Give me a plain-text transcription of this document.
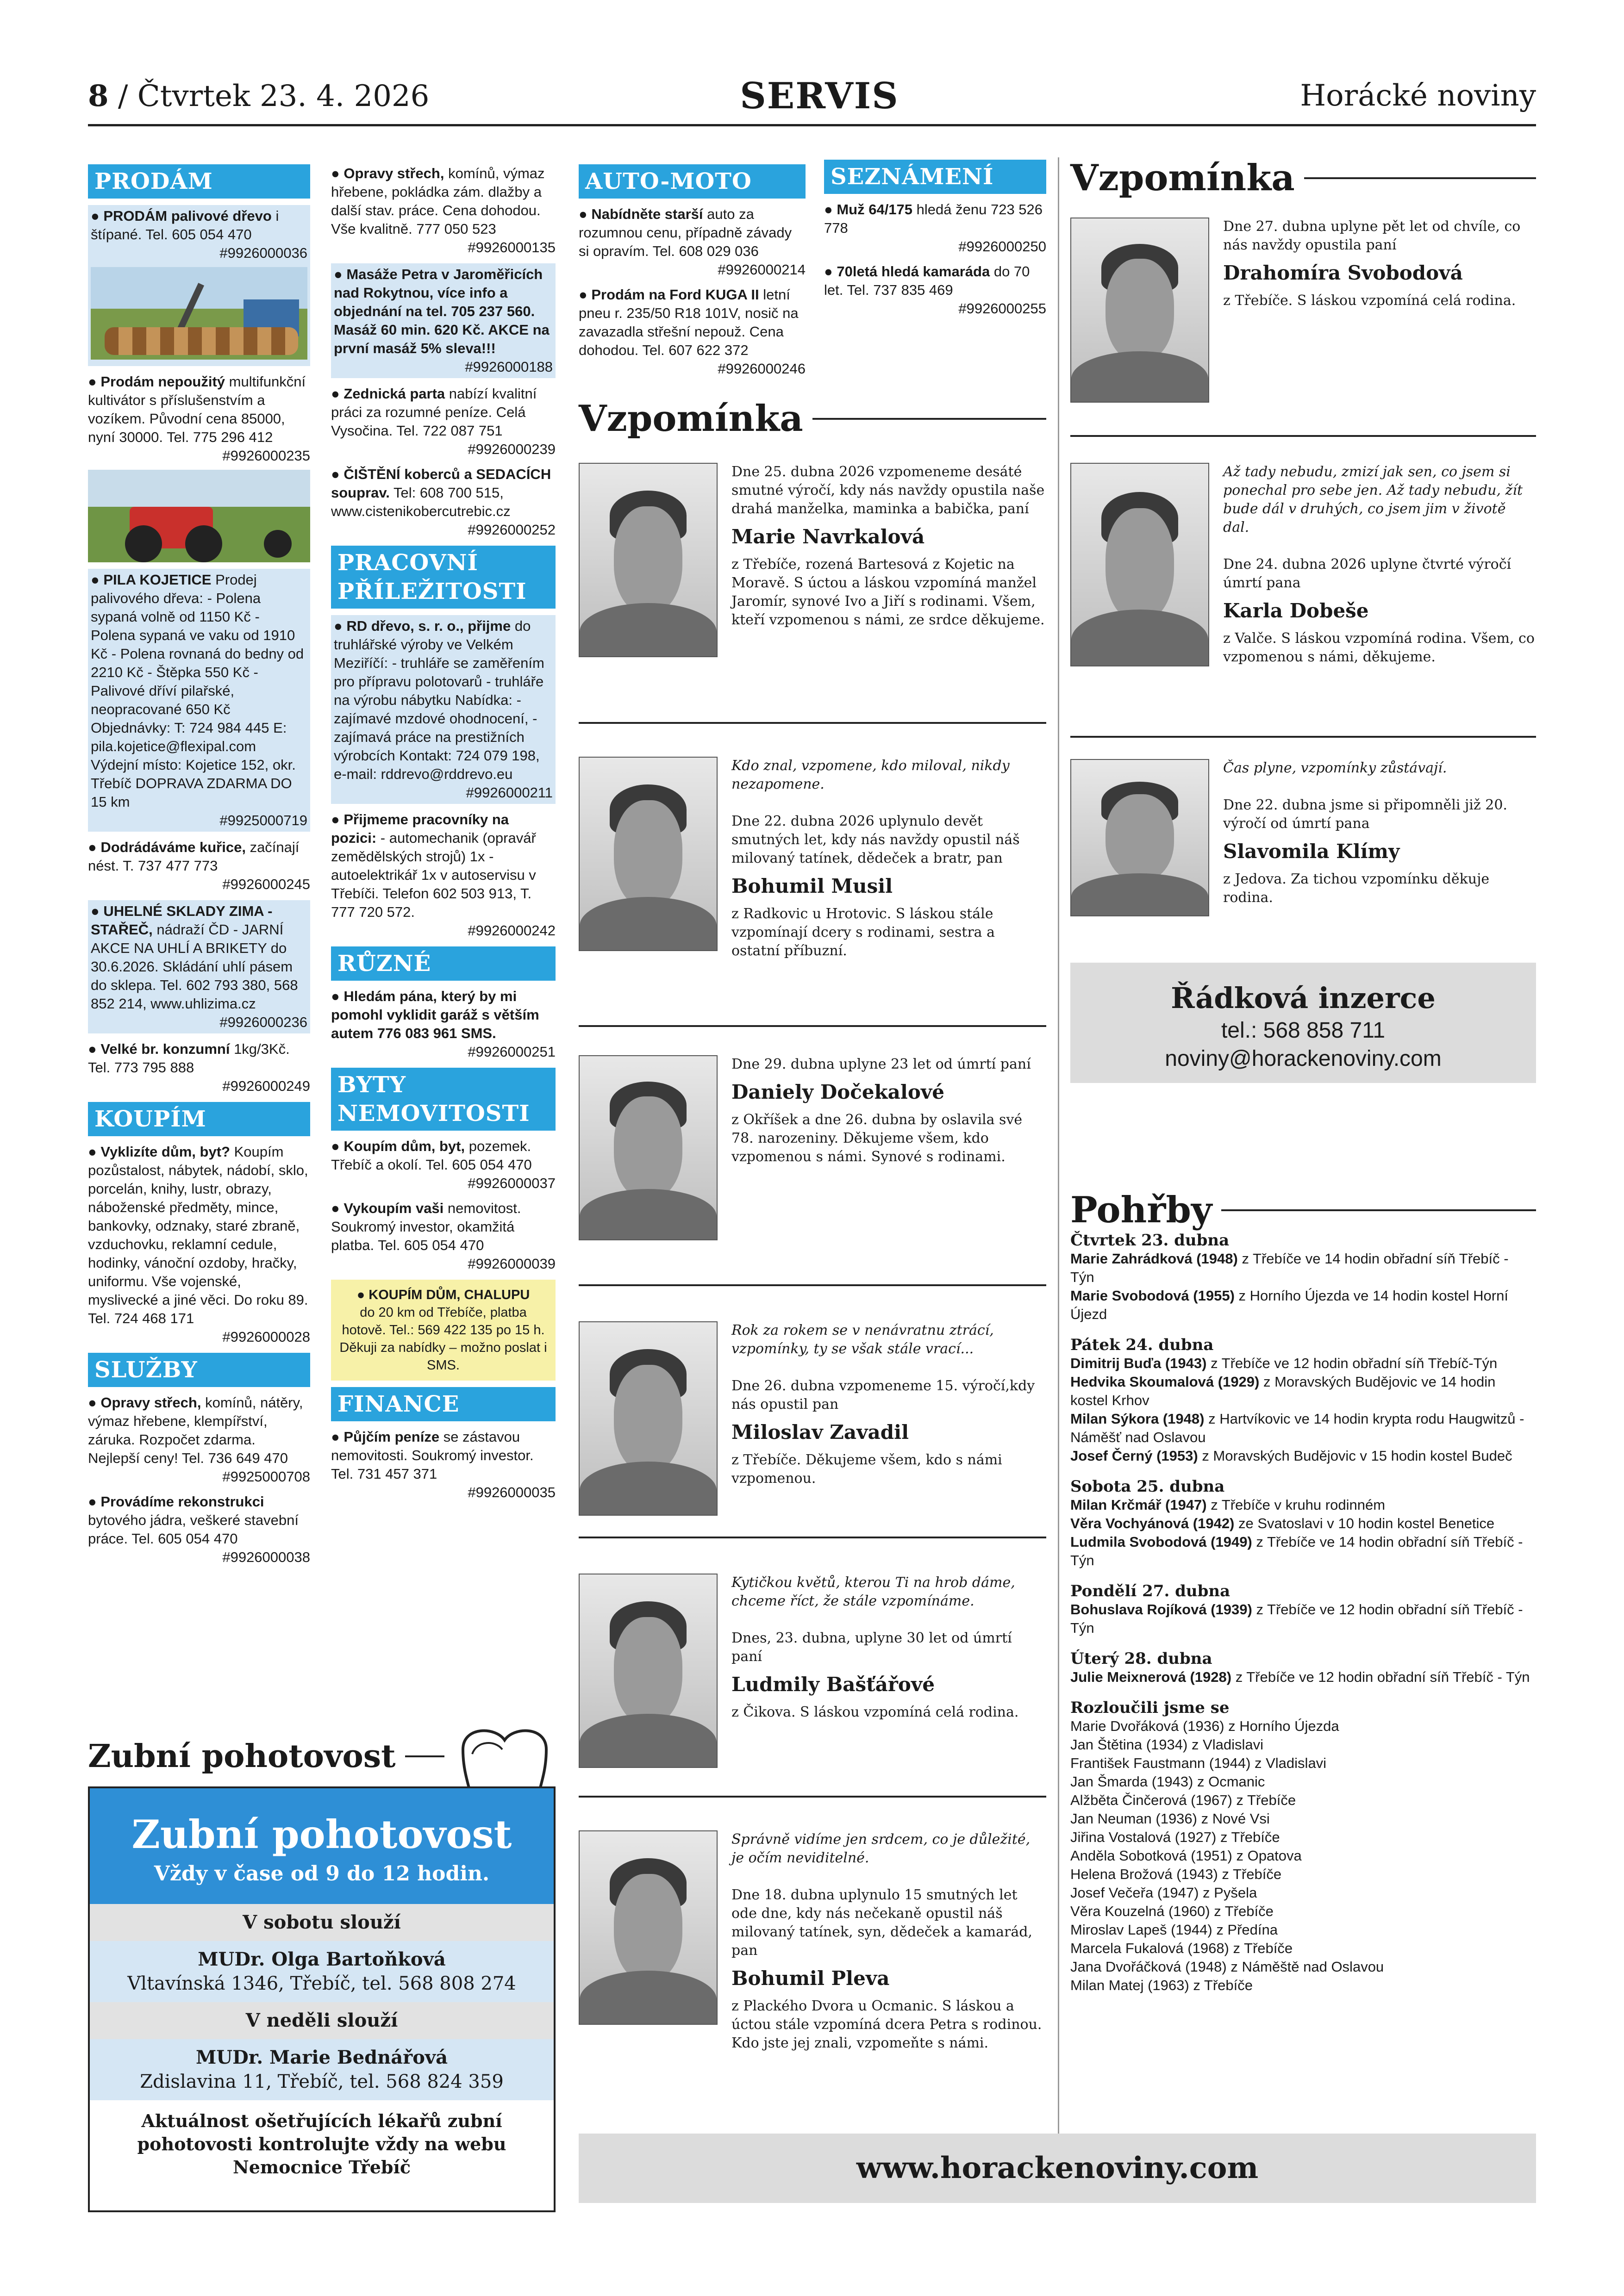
8 / Čtvrtek 23. 4. 2026	SERVIS	Horácké noviny
PRODÁM
● PRODÁM palivové dřevo i štípané. Tel. 605 054 470
#9926000036
● Prodám nepoužitý multifunkční kultivátor s příslušenstvím a vozíkem. Původní cena 85000, nyní 30000. Tel. 775 296 412
#9926000235
● PILA KOJETICE Prodej palivového dřeva: - Polena sypaná volně od 1150 Kč - Polena sypaná ve vaku od 1910 Kč - Polena rovnaná do bedny od 2210 Kč - Štěpka 550 Kč - Palivové dříví pilařské, neopracované 650 Kč Objednávky: T: 724 984 445 E: pila.kojetice@flexipal.com Výdejní místo: Kojetice 152, okr. Třebíč DOPRAVA ZDARMA DO 15 km
#9925000719
● Dodrádáváme kuřice, začínají nést. T. 737 477 773
#9926000245
● UHELNÉ SKLADY ZIMA - STAŘEČ, nádraží ČD - JARNÍ AKCE NA UHLÍ A BRIKETY do 30.6.2026. Skládání uhlí pásem do sklepa. Tel. 602 793 380, 568 852 214, www.uhlizima.cz
#9926000236
● Velké br. konzumní 1kg/3Kč. Tel. 773 795 888
#9926000249
KOUPÍM
● Vyklizíte dům, byt? Koupím pozůstalost, nábytek, nádobí, sklo, porcelán, knihy, lustr, obrazy, náboženské předměty, mince, bankovky, odznaky, staré zbraně, vzduchovku, reklamní cedule, hodinky, vánoční ozdoby, hračky, uniformu. Vše vojenské, myslivecké a jiné věci. Do roku 89. Tel. 724 468 171
#9926000028
SLUŽBY
● Opravy střech, komínů, nátěry, výmaz hřebene, klempířství, záruka. Rozpočet zdarma. Nejlepší ceny! Tel. 736 649 470
#9925000708
● Provádíme rekonstrukci bytového jádra, veškeré stavební práce. Tel. 605 054 470
#9926000038
● Opravy střech, komínů, výmaz hřebene, pokládka zám. dlažby a další stav. práce. Cena dohodou. Vše kvalitně. 777 050 523
#9926000135
● Masáže Petra v Jaroměřicích nad Rokytnou, více info a objednání na tel. 705 237 560. Masáž 60 min. 620 Kč. AKCE na první masáž 5% sleva!!!
#9926000188
● Zednická parta nabízí kvalitní práci za rozumné peníze. Celá Vysočina. Tel. 722 087 751
#9926000239
● ČIŠTĚNÍ koberců a SEDACÍCH souprav. Tel: 608 700 515, www.cistenikobercutrebic.cz
#9926000252
PRACOVNÍ PŘÍLEŽITOSTI
● RD dřevo, s. r. o., přijme do truhlářské výroby ve Velkém Meziříčí: - truhláře se zaměřením pro přípravu polotovarů - truhláře na výrobu nábytku Nabídka: - zajímavé mzdové ohodnocení, - zajímavá práce na prestižních výrobcích Kontakt: 724 079 198, e-mail: rddrevo@rddrevo.eu
#9926000211
● Přijmeme pracovníky na pozici: - automechanik (opravář zemědělských strojů) 1x - autoelektrikář 1x v autoservisu v Třebíči. Telefon 602 503 913, T. 777 720 572.
#9926000242
RŮZNÉ
● Hledám pána, který by mi pomohl vyklidit garáž s větším autem 776 083 961 SMS.
#9926000251
BYTY NEMOVITOSTI
● Koupím dům, byt, pozemek. Třebíč a okolí. Tel. 605 054 470
#9926000037
● Vykoupím vaši nemovitost. Soukromý investor, okamžitá platba. Tel. 605 054 470
#9926000039
● KOUPÍM DŮM, CHALUPU
do 20 km od Třebíče, platba hotově. Tel.: 569 422 135 po 15 h. Děkuji za nabídky – možno poslat i SMS.
FINANCE
● Půjčím peníze se zástavou nemovitosti. Soukromý investor. Tel. 731 457 371
#9926000035
AUTO-MOTO
● Nabídněte starší auto za rozumnou cenu, případně závady si opravím. Tel. 608 029 036
#9926000214
● Prodám na Ford KUGA II letní pneu r. 235/50 R18 101V, nosič na zavazadla střešní nepouž. Cena dohodou. Tel. 607 622 372
#9926000246
SEZNÁMENÍ
● Muž 64/175 hledá ženu 723 526 778
#9926000250
● 70letá hledá kamaráda do 70 let. Tel. 737 835 469
#9926000255
Vzpomínka
Dne 25. dubna 2026 vzpomeneme desáté smutné výročí, kdy nás navždy opustila naše drahá manželka, maminka a babička, paní
Marie Navrkalová
z Třebíče, rozená Bartesová z Kojetic na Moravě. S úctou a láskou vzpomíná manžel Jaromír, synové Ivo a Jiří s rodinami. Všem, kteří vzpomenou s námi, ze srdce děkujeme.
Kdo znal, vzpomene, kdo miloval, nikdy nezapomene.

Dne 22. dubna 2026 uplynulo devět smutných let, kdy nás navždy opustil náš milovaný tatínek, dědeček a bratr, pan
Bohumil Musil
z Radkovic u Hrotovic. S láskou stále vzpomínají dcery s rodinami, sestra a ostatní příbuzní.
Dne 29. dubna uplyne 23 let od úmrtí paní
Daniely Dočekalové
z Okříšek a dne 26. dubna by oslavila své 78. narozeniny. Děkujeme všem, kdo vzpomenou s námi. Synové s rodinami.
Rok za rokem se v nenávratnu ztrácí, vzpomínky, ty se však stále vrací...

Dne 26. dubna vzpomeneme 15. výročí,kdy nás opustil pan
Miloslav Zavadil
z Třebíče. Děkujeme všem, kdo s námi vzpomenou.
Kytičkou květů, kterou Ti na hrob dáme, chceme říct, že stále vzpomínáme.

Dnes, 23. dubna, uplyne 30 let od úmrtí paní
Ludmily Bašťářové
z Čikova. S láskou vzpomíná celá rodina.
Správně vidíme jen srdcem, co je důležité, je očím neviditelné.

Dne 18. dubna uplynulo 15 smutných let ode dne, kdy nás nečekaně opustil náš milovaný tatínek, syn, dědeček a kamarád, pan
Bohumil Pleva
z Plackého Dvora u Ocmanic. S láskou a úctou stále vzpomíná dcera Petra s rodinou. Kdo jste jej znali, vzpomeňte s námi.
Vzpomínka
Dne 27. dubna uplyne pět let od chvíle, co nás navždy opustila paní
Drahomíra Svobodová
z Třebíče. S láskou vzpomíná celá rodina.
Až tady nebudu, zmizí jak sen, co jsem si ponechal pro sebe jen. Až tady nebudu, žít bude dál v druhých, co jsem jim v životě dal.

Dne 24. dubna 2026 uplyne čtvrté výročí úmrtí pana
Karla Dobeše
z Valče. S láskou vzpomíná rodina. Všem, co vzpomenou s námi, děkujeme.
Čas plyne, vzpomínky zůstávají.

Dne 22. dubna jsme si připomněli již 20. výročí od úmrtí pana
Slavomila Klímy
z Jedova. Za tichou vzpomínku děkuje rodina.
Řádková inzerce
tel.: 568 858 711
noviny@horackenoviny.com
Pohřby
Čtvrtek 23. dubna
Marie Zahrádková (1948) z Třebíče ve 14 hodin obřadní síň Třebíč - Týn
Marie Svobodová (1955) z Horního Újezda ve 14 hodin kostel Horní Újezd
Pátek 24. dubna
Dimitrij Buďa (1943) z Třebíče ve 12 hodin obřadní síň Třebíč-Týn
Hedvika Skoumalová (1929) z Moravských Budějovic ve 14 hodin kostel Krhov
Milan Sýkora (1948) z Hartvíkovic ve 14 hodin krypta rodu Haugwitzů - Náměšť nad Oslavou
Josef Černý (1953) z Moravských Budějovic v 15 hodin kostel Budeč
Sobota 25. dubna
Milan Krčmář (1947) z Třebíče v kruhu rodinném
Věra Vochyánová (1942) ze Svatoslavi v 10 hodin kostel Benetice
Ludmila Svobodová (1949) z Třebíče ve 14 hodin obřadní síň Třebíč - Týn
Pondělí 27. dubna
Bohuslava Rojíková (1939) z Třebíče ve 12 hodin obřadní síň Třebíč - Týn
Úterý 28. dubna
Julie Meixnerová (1928) z Třebíče ve 12 hodin obřadní síň Třebíč - Týn
Rozloučili jsme se
Marie Dvořáková (1936) z Horního Újezda
Jan Štětina (1934) z Vladislavi
František Faustmann (1944) z Vladislavi
Jan Šmarda (1943) z Ocmanic
Alžběta Činčerová (1967) z Třebíče
Jan Neuman (1936) z Nové Vsi
Jiřina Vostalová (1927) z Třebíče
Anděla Sobotková (1951) z Opatova
Helena Brožová (1943) z Třebíče
Josef Večeřa (1947) z Pyšela
Věra Kouzelná (1960) z Třebíče
Miroslav Lapeš (1944) z Předína
Marcela Fukalová (1968) z Třebíče
Jana Dvořáčková (1948) z Náměště nad Oslavou
Milan Matej (1963) z Třebíče
Zubní pohotovost
Zubní pohotovost
Vždy v čase od 9 do 12 hodin.
V sobotu slouží
MUDr. Olga Bartoňková
Vltavínská 1346, Třebíč, tel. 568 808 274
V neděli slouží
MUDr. Marie Bednářová
Zdislavina 11, Třebíč, tel. 568 824 359
Aktuálnost ošetřujících lékařů zubní pohotovosti kontrolujte vždy na webu Nemocnice Třebíč	www.horackenoviny.com
